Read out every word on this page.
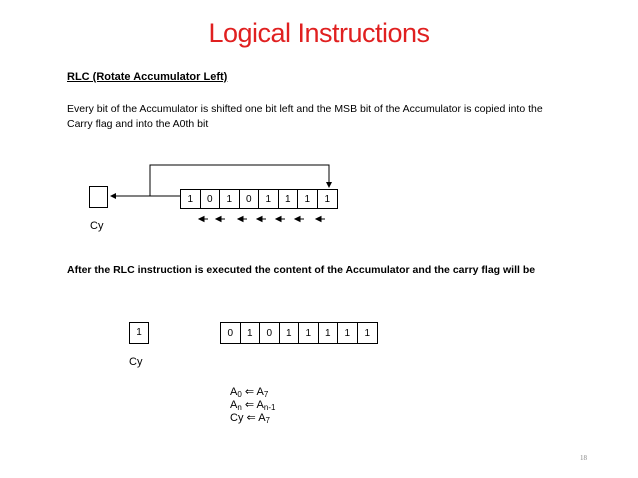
Logical Instructions
RLC (Rotate Accumulator Left)
Every bit of the Accumulator is shifted one bit left and the MSB bit of the Accumulator is copied into the Carry flag and into the A0th bit
Cy
1	0	1	0	1	1	1	1
After the RLC instruction is executed the content of the Accumulator and the carry flag will be
1
Cy
0	1	0	1	1	1	1	1
$A_0$ ⇐ $A_7$
$A_n$ ⇐ $A_{n-1}$
Cy ⇐ $A_7$
18
